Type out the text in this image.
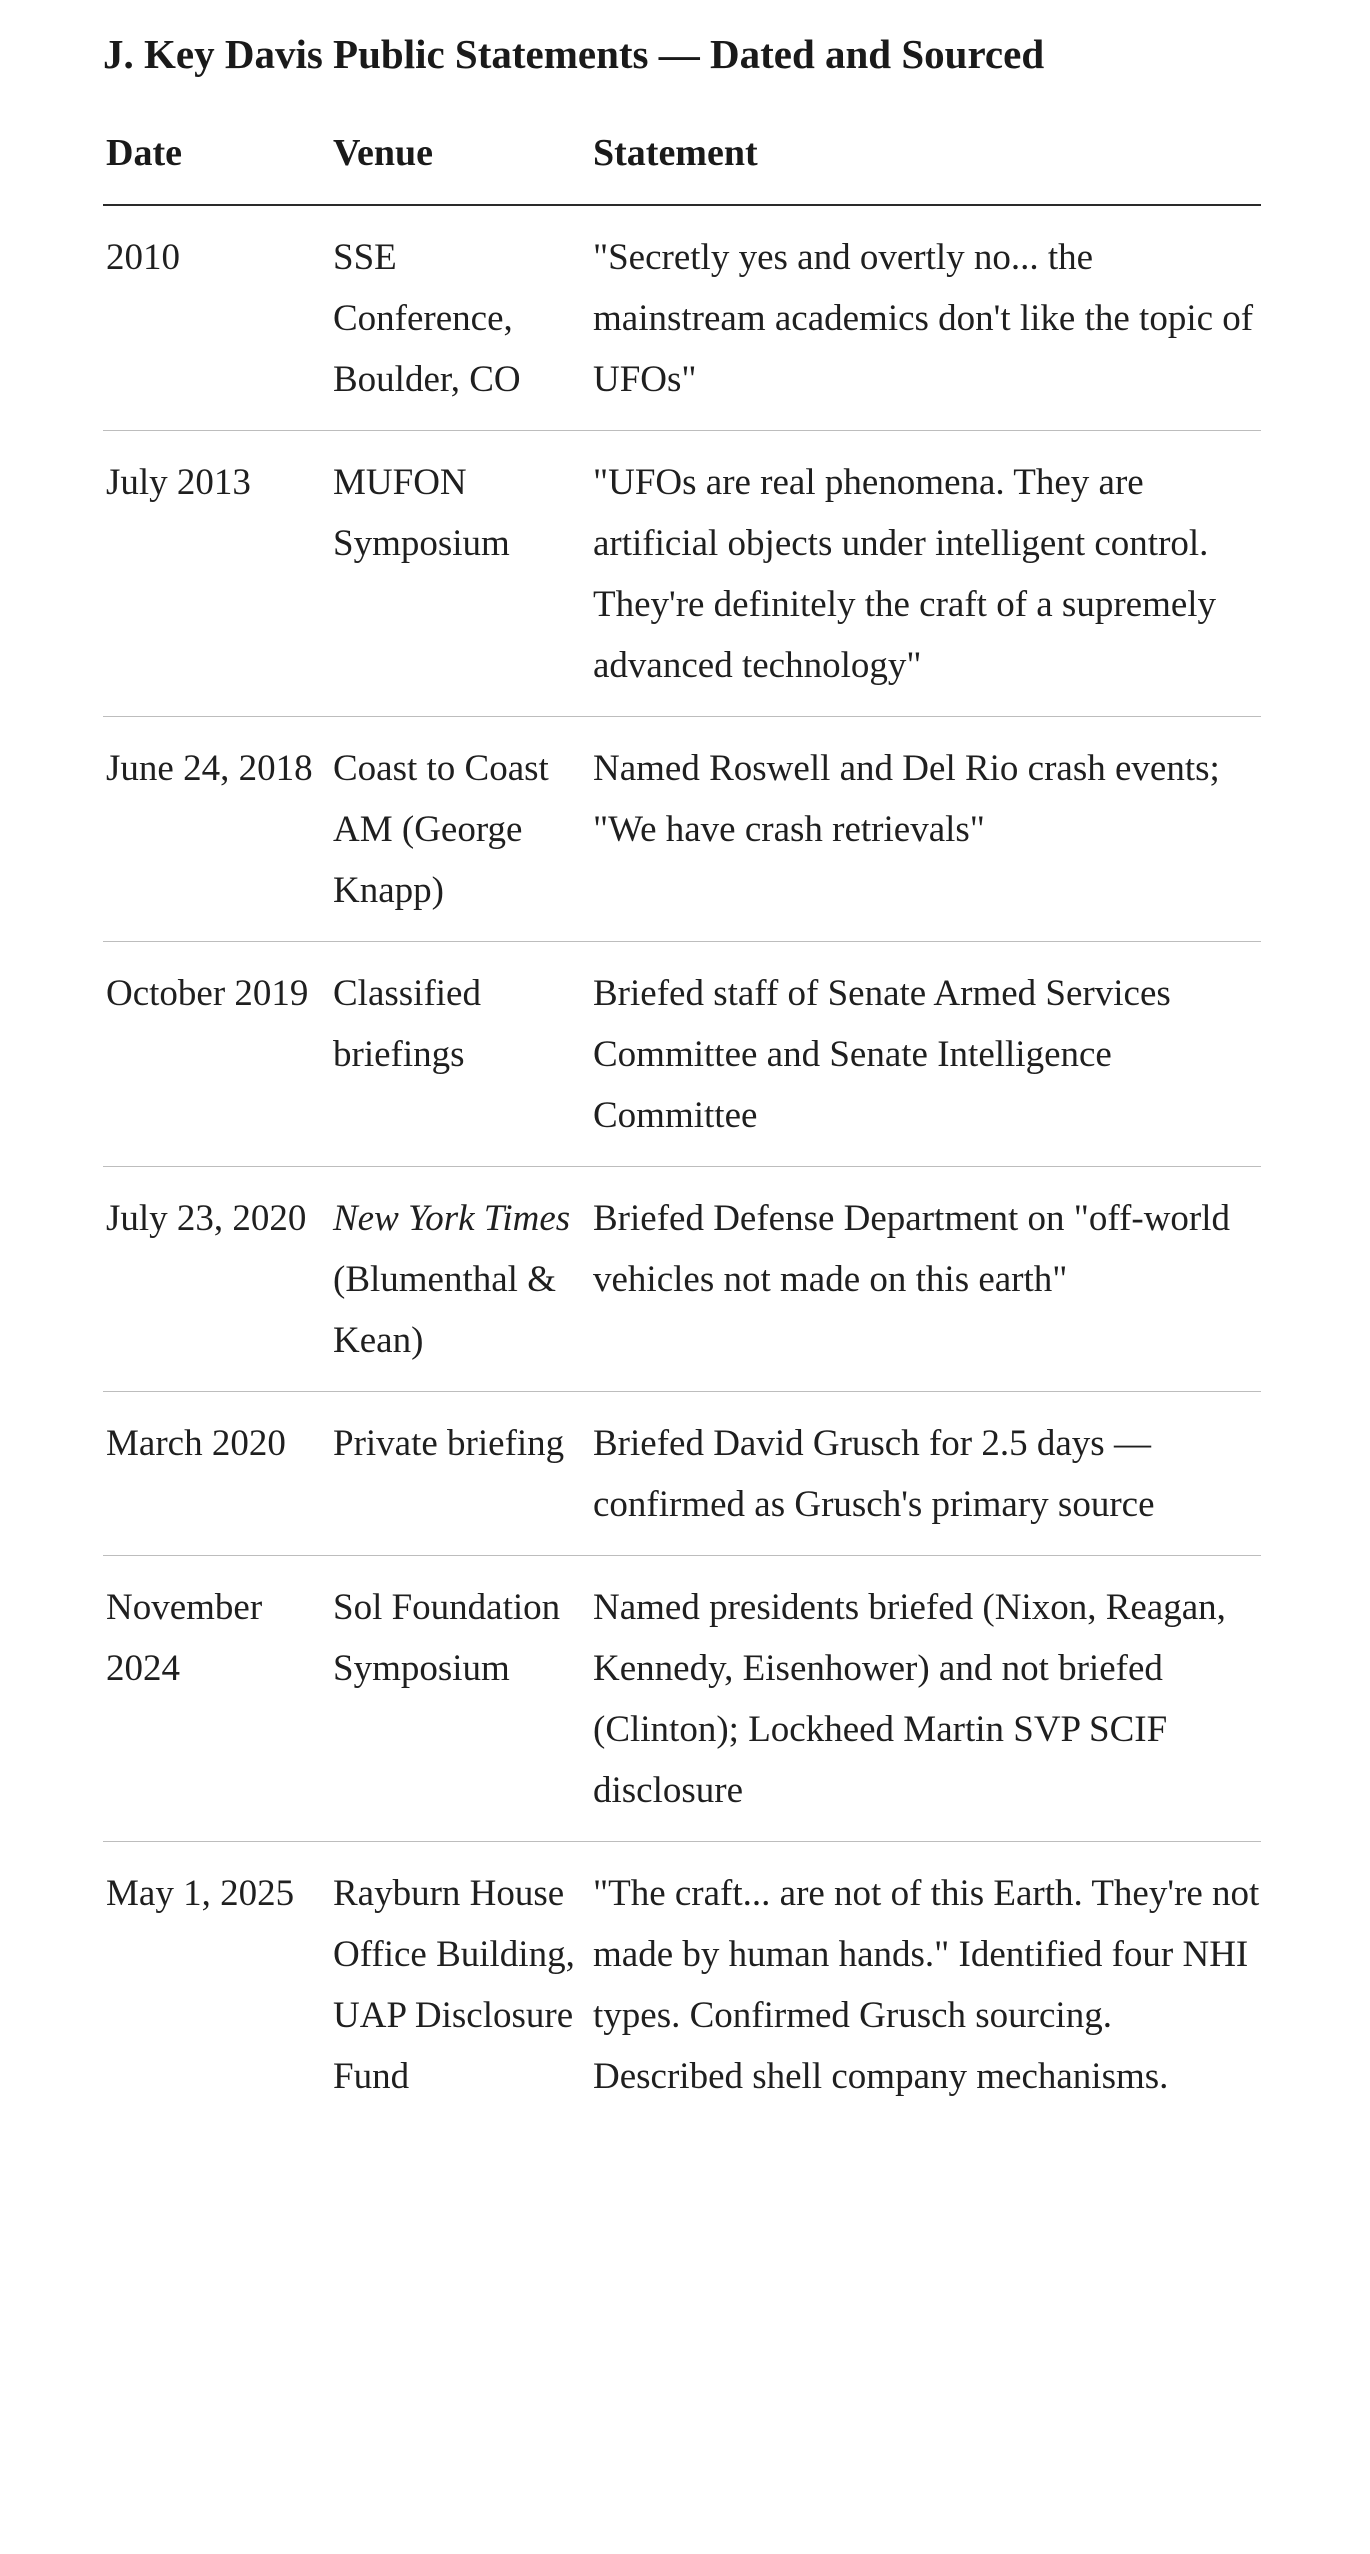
J. Key Davis Public Statements — Dated and Sourced
Date	Venue	Statement
2010	SSE Conference, Boulder, CO	"Secretly yes and overtly no... the mainstream academics don't like the topic of UFOs"
July 2013	MUFON Symposium	"UFOs are real phenomena. They are artificial objects under intelligent control. They're definitely the craft of a supremely advanced technology"
June 24, 2018	Coast to Coast AM (George Knapp)	Named Roswell and Del Rio crash events; "We have crash retrievals"
October 2019	Classified briefings	Briefed staff of Senate Armed Services Committee and Senate Intelligence Committee
July 23, 2020	New York Times (Blumenthal & Kean)	Briefed Defense Department on "off-world vehicles not made on this earth"
March 2020	Private briefing	Briefed David Grusch for 2.5 days — confirmed as Grusch's primary source
November 2024	Sol Foundation Symposium	Named presidents briefed (Nixon, Reagan, Kennedy, Eisenhower) and not briefed (Clinton); Lockheed Martin SVP SCIF disclosure
May 1, 2025	Rayburn House Office Building, UAP Disclosure Fund	"The craft... are not of this Earth. They're not made by human hands." Identified four NHI types. Confirmed Grusch sourcing. Described shell company mechanisms.
